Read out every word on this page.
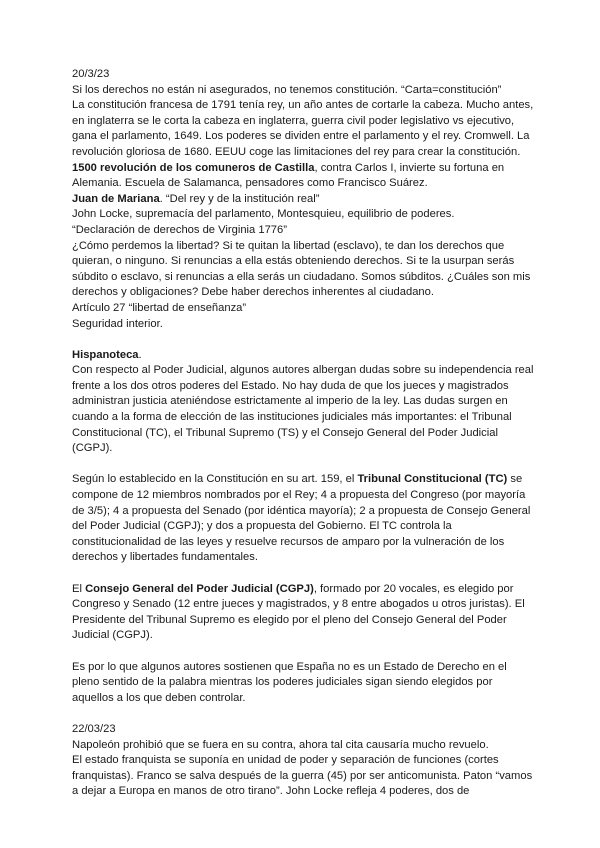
20/3/23

Si los derechos no están ni asegurados, no tenemos constitución. “Carta=constitución”

La constitución francesa de 1791 tenía rey, un año antes de cortarle la cabeza. Mucho antes, en inglaterra se le corta la cabeza en inglaterra, guerra civil poder legislativo vs ejecutivo, gana el parlamento, 1649. Los poderes se dividen entre el parlamento y el rey. Cromwell. La revolución gloriosa de 1680. EEUU coge las limitaciones del rey para crear la constitución.

1500 revolución de los comuneros de Castilla, contra Carlos I, invierte su fortuna en Alemania. Escuela de Salamanca, pensadores como Francisco Suárez.

Juan de Mariana. “Del rey y de la institución real”

John Locke, supremacía del parlamento, Montesquieu, equilibrio de poderes.

“Declaración de derechos de Virginia 1776”

¿Cómo perdemos la libertad? Si te quitan la libertad (esclavo), te dan los derechos que quieran, o ninguno. Si renuncias a ella estás obteniendo derechos. Si te la usurpan serás súbdito o esclavo, si renuncias a ella serás un ciudadano. Somos súbditos. ¿Cuáles son mis derechos y obligaciones? Debe haber derechos inherentes al ciudadano.

Artículo 27 “libertad de enseñanza”

Seguridad interior.

Hispanoteca.

Con respecto al Poder Judicial, algunos autores albergan dudas sobre su independencia real frente a los dos otros poderes del Estado. No hay duda de que los jueces y magistrados administran justicia ateniéndose estrictamente al imperio de la ley. Las dudas surgen en cuando a la forma de elección de las instituciones judiciales más importantes: el Tribunal Constitucional (TC), el Tribunal Supremo (TS) y el Consejo General del Poder Judicial (CGPJ).

Según lo establecido en la Constitución en su art. 159, el Tribunal Constitucional (TC) se compone de 12 miembros nombrados por el Rey; 4 a propuesta del Congreso (por mayoría de 3/5); 4 a propuesta del Senado (por idéntica mayoría); 2 a propuesta de Consejo General del Poder Judicial (CGPJ); y dos a propuesta del Gobierno. El TC controla la constitucionalidad de las leyes y resuelve recursos de amparo por la vulneración de los derechos y libertades fundamentales.

El Consejo General del Poder Judicial (CGPJ), formado por 20 vocales, es elegido por Congreso y Senado (12 entre jueces y magistrados, y 8 entre abogados u otros juristas). El Presidente del Tribunal Supremo es elegido por el pleno del Consejo General del Poder Judicial (CGPJ).

Es por lo que algunos autores sostienen que España no es un Estado de Derecho en el pleno sentido de la palabra mientras los poderes judiciales sigan siendo elegidos por aquellos a los que deben controlar.

22/03/23

Napoleón prohibió que se fuera en su contra, ahora tal cita causaría mucho revuelo.

El estado franquista se suponía en unidad de poder y separación de funciones (cortes franquistas). Franco se salva después de la guerra (45) por ser anticomunista. Paton “vamos a dejar a Europa en manos de otro tirano”. John Locke refleja 4 poderes, dos de
